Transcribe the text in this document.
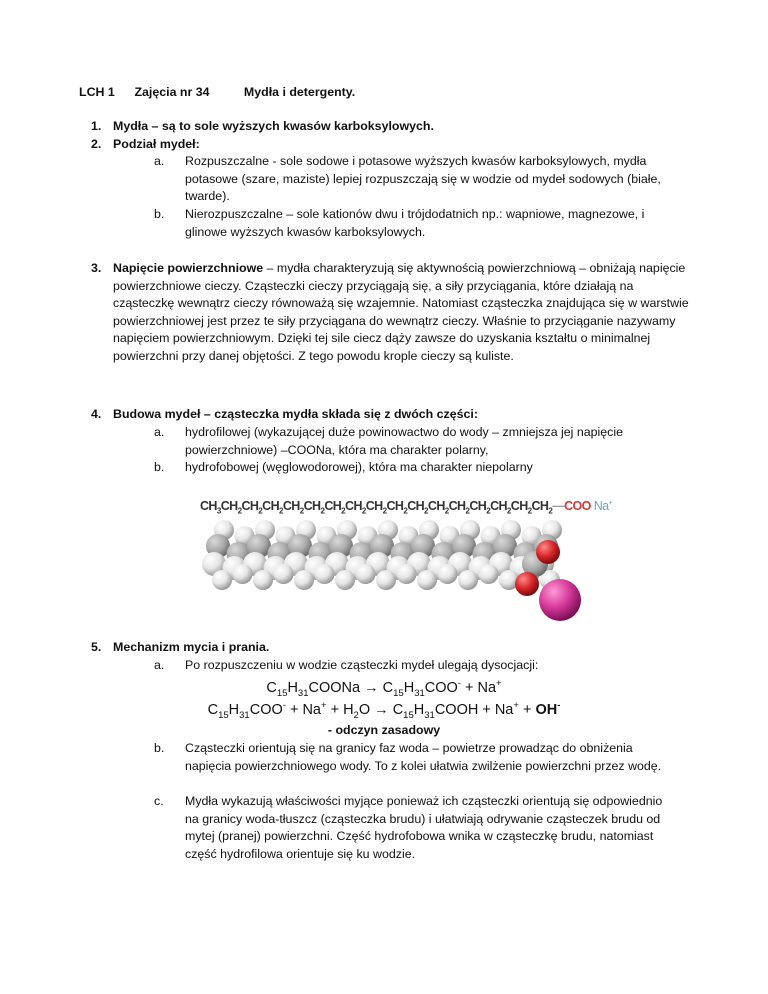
LCH 1 Zajęcia nr 34	Mydła i detergenty.
1. Mydła – są to sole wyższych kwasów karboksylowych.
2. Podział mydeł:
a. Rozpuszczalne - sole sodowe i potasowe wyższych kwasów karboksylowych, mydła potasowe (szare, maziste) lepiej rozpuszczają się w wodzie od mydeł sodowych (białe, twarde).
b. Nierozpuszczalne – sole kationów dwu i trójdodatnich np.: wapniowe, magnezowe, i glinowe wyższych kwasów karboksylowych.
3. Napięcie powierzchniowe – mydła charakteryzują się aktywnością powierzchniową – obniżają napięcie powierzchniowe cieczy. Cząsteczki cieczy przyciągają się, a siły przyciągania, które działają na cząsteczkę wewnątrz cieczy równoważą się wzajemnie. Natomiast cząsteczka znajdująca się w warstwie powierzchniowej jest przez te siły przyciągana do wewnątrz cieczy. Właśnie to przyciąganie nazywamy napięciem powierzchniowym. Dzięki tej sile ciecz dąży zawsze do uzyskania kształtu o minimalnej powierzchni przy danej objętości. Z tego powodu krople cieczy są kuliste.
4. Budowa mydeł – cząsteczka mydła składa się z dwóch części:
a. hydrofilowej (wykazującej duże powinowactwo do wody – zmniejsza jej napięcie powierzchniowe) –COONa, która ma charakter polarny,
b. hydrofobowej (węglowodorowej), która ma charakter niepolarny
$CH_3CH_2CH_2CH_2CH_2CH_2CH_2CH_2CH_2CH_2CH_2CH_2CH_2CH_2CH_2CH_2CH_2—COO$ Na+
5. Mechanizm mycia i prania.
a. Po rozpuszczeniu w wodzie cząsteczki mydeł ulegają dysocjacji:
$C_{15}H_{31}COONa \to C_{15}H_{31}COO^- + Na^+$
$C_{15}H_{31}COO^- + Na^+ + H_2O$ → $C_{15}H_{31}COOH + Na^+ + OH^-$
- odczyn zasadowy
b. Cząsteczki orientują się na granicy faz woda – powietrze prowadząc do obniżenia napięcia powierzchniowego wody. To z kolei ułatwia zwilżenie powierzchni przez wodę.
c. Mydła wykazują właściwości myjące ponieważ ich cząsteczki orientują się odpowiednio na granicy woda-tłuszcz (cząsteczka brudu) i ułatwiają odrywanie cząsteczek brudu od mytej (pranej) powierzchni. Część hydrofobowa wnika w cząsteczkę brudu, natomiast część hydrofilowa orientuje się ku wodzie.
